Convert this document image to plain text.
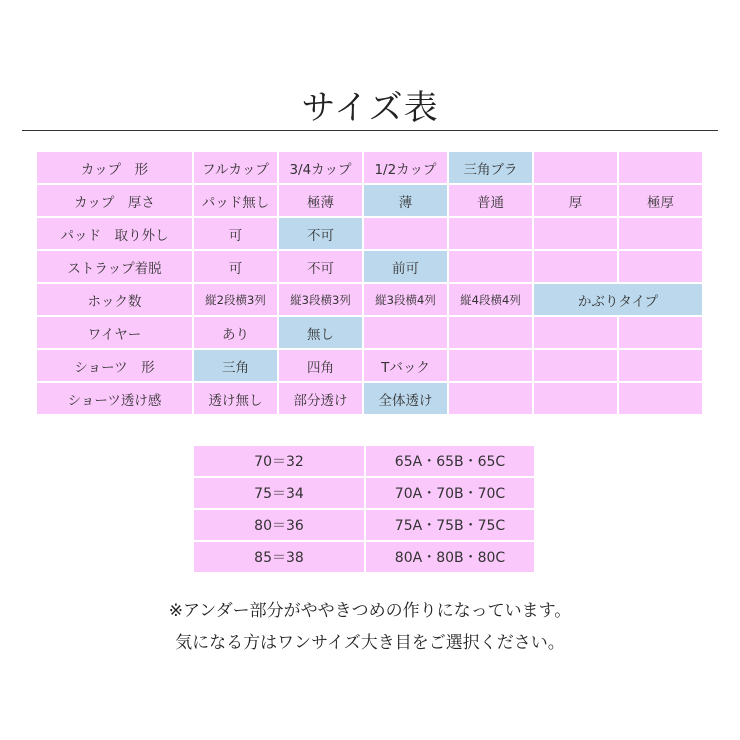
サイズ表
カップ　形	フルカップ	3/4カップ	1/2カップ	三角ブラ		
カップ　厚さ	パッド無し	極薄	薄	普通	厚	極厚
パッド　取り外し	可	不可				
ストラップ着脱	可	不可	前可			
ホック数	縦2段横3列	縦3段横3列	縦3段横4列	縦4段横4列	かぶりタイプ	
ワイヤー	あり	無し				
ショーツ　形	三角	四角	Tバック			
ショーツ透け感	透け無し	部分透け	全体透け			
70＝32	65A・65B・65C
75＝34	70A・70B・70C
80＝36	75A・75B・75C
85＝38	80A・80B・80C
※アンダー部分がややきつめの作りになっています。
気になる方はワンサイズ大き目をご選択ください。
